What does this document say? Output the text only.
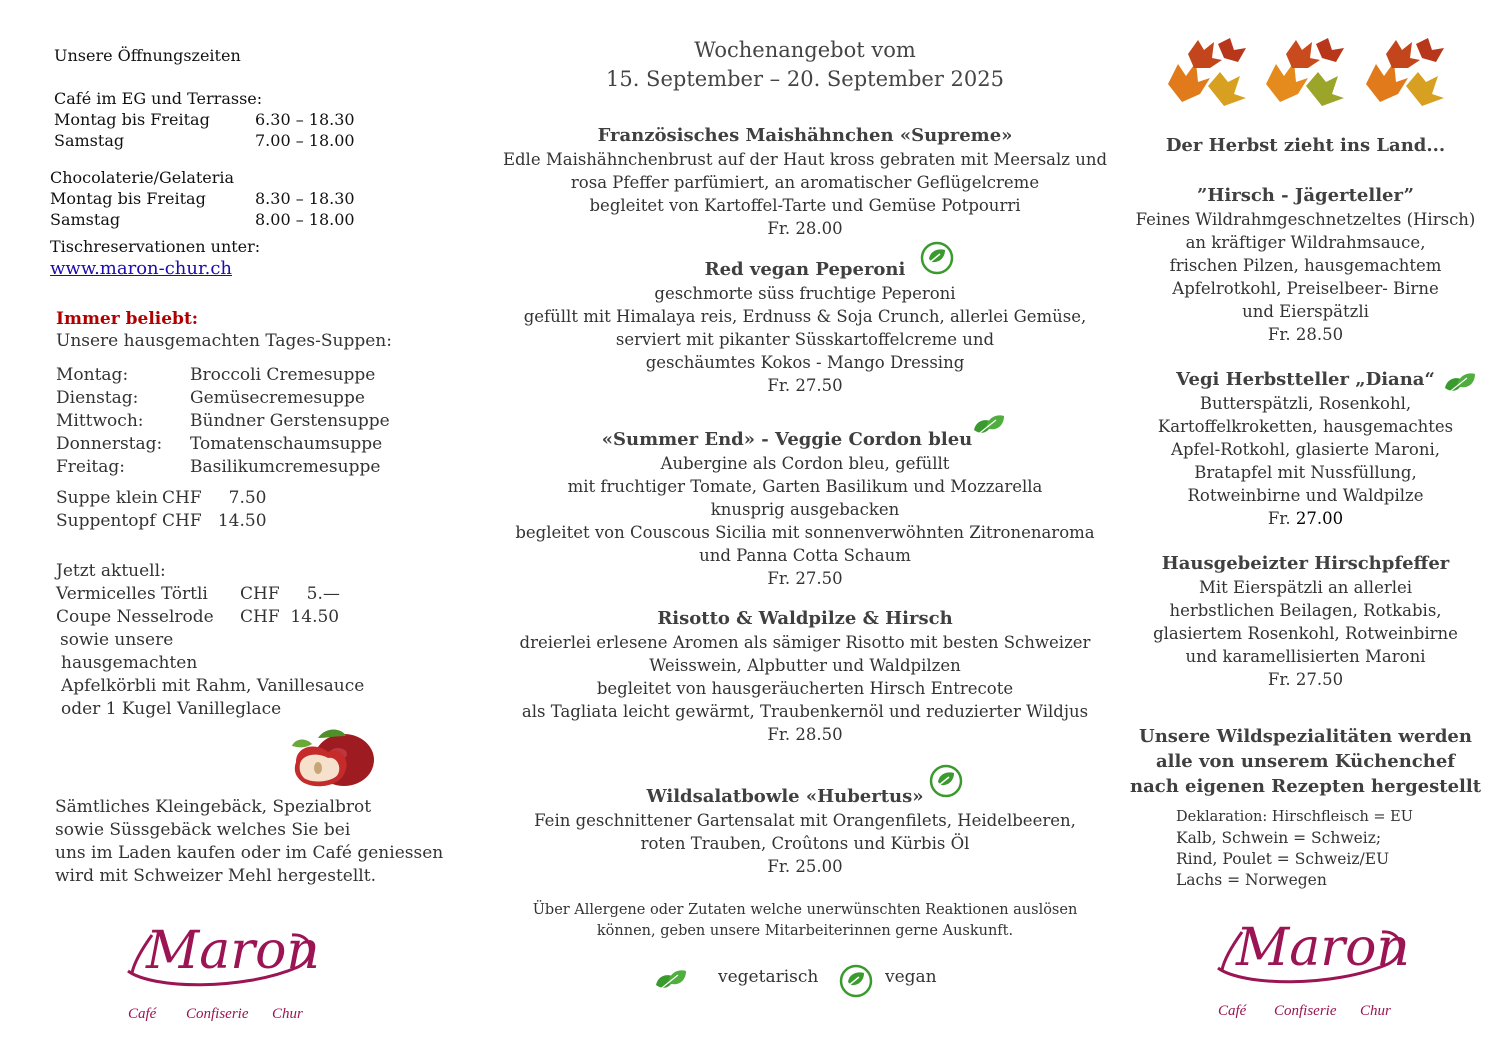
Unsere Öffnungszeiten
Café im EG und Terrasse:
Montag bis Freitag	6.30 – 18.30
Samstag	7.00 – 18.00
Chocolaterie/Gelateria
Montag bis Freitag	8.30 – 18.30
Samstag	8.00 – 18.00
Tischreservationen unter:
www.maron-chur.ch
Immer beliebt:
Unsere hausgemachten Tages-Suppen:
Montag:	Broccoli Cremesuppe
Dienstag:	Gemüsecremesuppe
Mittwoch:	Bündner Gerstensuppe
Donnerstag: Tomatenschaumsuppe
Freitag:	Basilikumcremesuppe
Suppe klein CHF     7.50
Suppentopf CHF   14.50
Jetzt aktuell:
Vermicelles Törtli CHF     5.—
Coupe Nesselrode CHF  14.50
sowie unsere
hausgemachten
Apfelkörbli mit Rahm, Vanillesauce
oder 1 Kugel Vanilleglace
Sämtliches Kleingebäck, Spezialbrot
sowie Süssgebäck welches Sie bei
uns im Laden kaufen oder im Café geniessen
wird mit Schweizer Mehl hergestellt.
Maron
Café Confiserie Chur
Wochenangebot vom
15. September – 20. September 2025
Französisches Maishähnchen «Supreme»
Edle Maishähnchenbrust auf der Haut kross gebraten mit Meersalz und
rosa Pfeffer parfümiert, an aromatischer Geflügelcreme
begleitet von Kartoffel-Tarte und Gemüse Potpourri
Fr. 28.00
Red vegan Peperoni
geschmorte süss fruchtige Peperoni
gefüllt mit Himalaya reis, Erdnuss & Soja Crunch, allerlei Gemüse,
serviert mit pikanter Süsskartoffelcreme und
geschäumtes Kokos - Mango Dressing
Fr. 27.50
«Summer End» - Veggie Cordon bleu
Aubergine als Cordon bleu, gefüllt
mit fruchtiger Tomate, Garten Basilikum und Mozzarella
knusprig ausgebacken
begleitet von Couscous Sicilia mit sonnenverwöhnten Zitronenaroma
und Panna Cotta Schaum
Fr. 27.50
Risotto & Waldpilze & Hirsch
dreierlei erlesene Aromen als sämiger Risotto mit besten Schweizer
Weisswein, Alpbutter und Waldpilzen
begleitet von hausgeräucherten Hirsch Entrecote
als Tagliata leicht gewärmt, Traubenkernöl und reduzierter Wildjus
Fr. 28.50
Wildsalatbowle «Hubertus»
Fein geschnittener Gartensalat mit Orangenfilets, Heidelbeeren,
roten Trauben, Croûtons und Kürbis Öl
Fr. 25.00
Über Allergene oder Zutaten welche unerwünschten Reaktionen auslösen
können, geben unsere Mitarbeiterinnen gerne Auskunft.
vegetarisch	vegan
Der Herbst zieht ins Land...
”Hirsch - Jägerteller”
Feines Wildrahmgeschnetzeltes (Hirsch)
an kräftiger Wildrahmsauce,
frischen Pilzen, hausgemachtem
Apfelrotkohl, Preiselbeer- Birne
und Eierspätzli
Fr. 28.50
Vegi Herbstteller „Diana“
Butterspätzli, Rosenkohl,
Kartoffelkroketten, hausgemachtes
Apfel-Rotkohl, glasierte Maroni,
Bratapfel mit Nussfüllung,
Rotweinbirne und Waldpilze
Fr. 27.00
Hausgebeizter Hirschpfeffer
Mit Eierspätzli an allerlei
herbstlichen Beilagen, Rotkabis,
glasiertem Rosenkohl, Rotweinbirne
und karamellisierten Maroni
Fr. 27.50
Unsere Wildspezialitäten werden
alle von unserem Küchenchef
nach eigenen Rezepten hergestellt
Deklaration: Hirschfleisch = EU
Kalb, Schwein = Schweiz;
Rind, Poulet = Schweiz/EU
Lachs = Norwegen
Maron
Café Confiserie Chur
